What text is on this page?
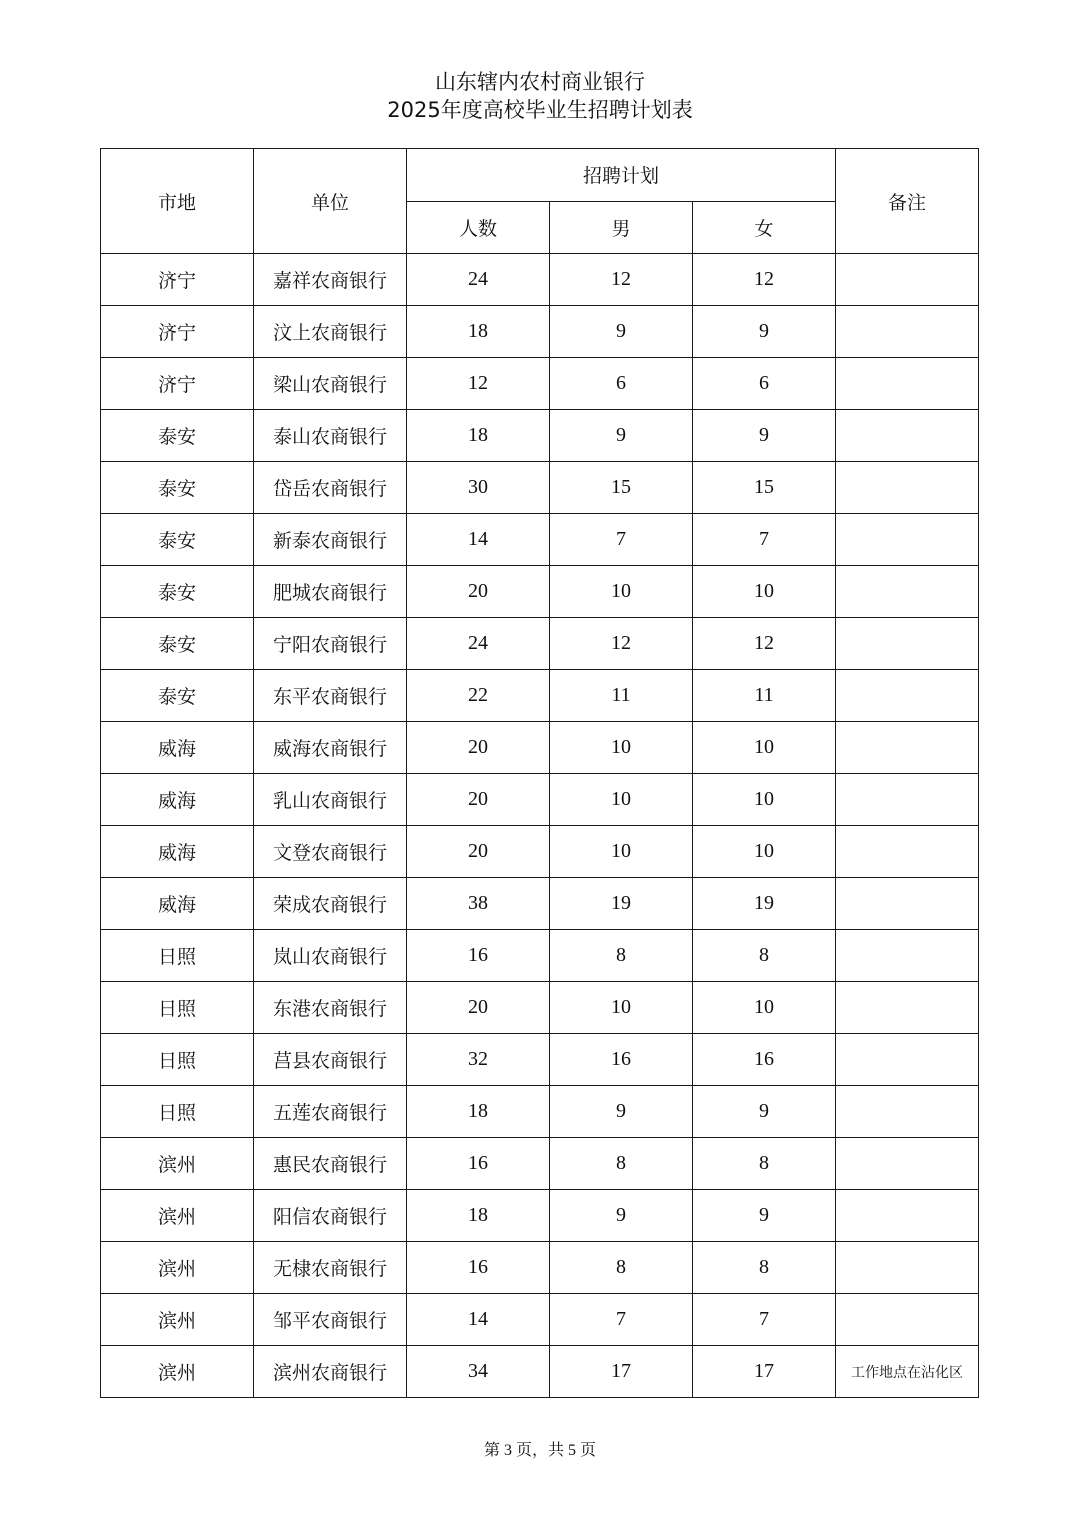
山东辖内农村商业银行
2025年度高校毕业生招聘计划表
市地	单位	招聘计划			备注
		人数	男	女	
济宁	嘉祥农商银行	24	12	12	
济宁	汶上农商银行	18	9	9	
济宁	梁山农商银行	12	6	6	
泰安	泰山农商银行	18	9	9	
泰安	岱岳农商银行	30	15	15	
泰安	新泰农商银行	14	7	7	
泰安	肥城农商银行	20	10	10	
泰安	宁阳农商银行	24	12	12	
泰安	东平农商银行	22	11	11	
威海	威海农商银行	20	10	10	
威海	乳山农商银行	20	10	10	
威海	文登农商银行	20	10	10	
威海	荣成农商银行	38	19	19	
日照	岚山农商银行	16	8	8	
日照	东港农商银行	20	10	10	
日照	莒县农商银行	32	16	16	
日照	五莲农商银行	18	9	9	
滨州	惠民农商银行	16	8	8	
滨州	阳信农商银行	18	9	9	
滨州	无棣农商银行	16	8	8	
滨州	邹平农商银行	14	7	7	
滨州	滨州农商银行	34	17	17	工作地点在沾化区
第 3 页，共 5 页
